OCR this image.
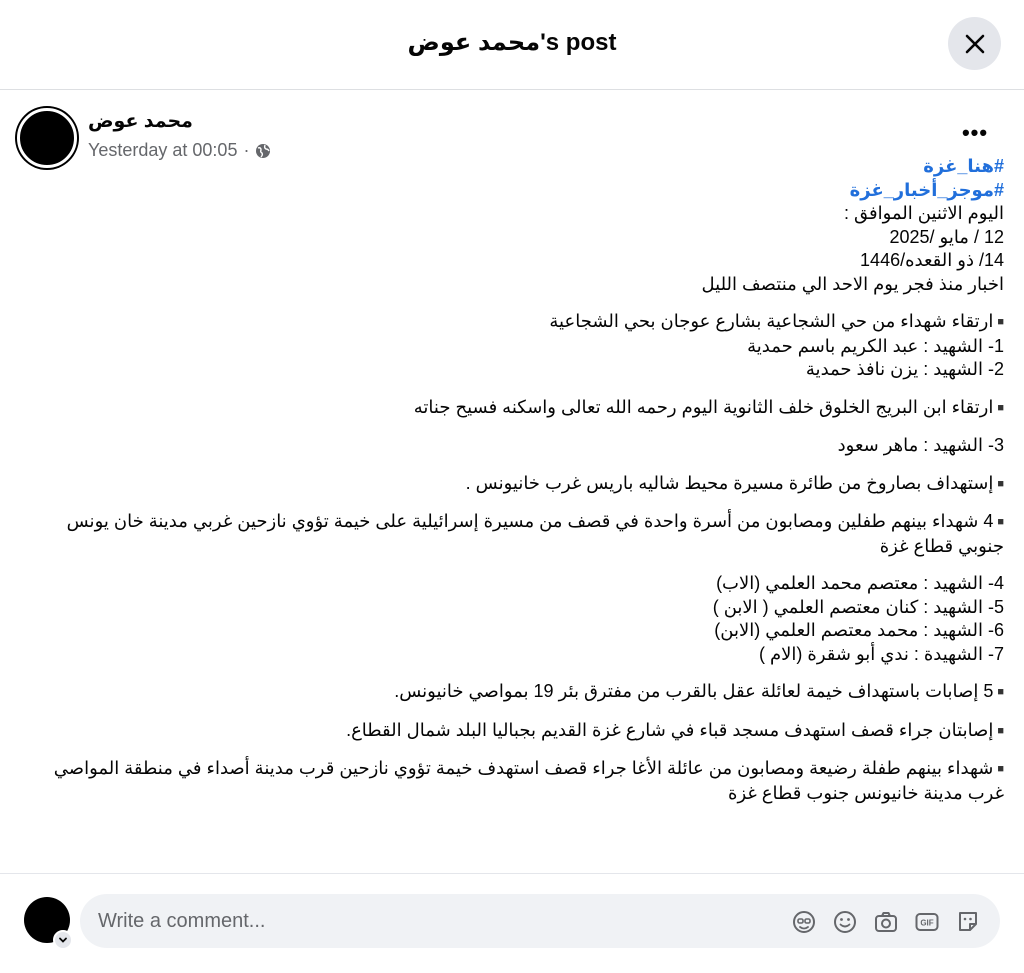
محمد عوض's post
محمد عوض
Yesterday at 00:05 ·
•••
#هنا_غزة
#موجز_أخبار_غزة
اليوم الاثنين الموافق :
12 / مايو /2025
14/ ذو القعده/1446
اخبار منذ فجر يوم الاحد الي منتصف الليل
■ارتقاء شهداء من حي الشجاعية بشارع عوجان بحي الشجاعية
1- الشهيد : عبد الكريم باسم حمدية
2- الشهيد : يزن نافذ حمدية
■ارتقاء ابن البريج الخلوق خلف الثانوية اليوم رحمه الله تعالى واسكنه فسيح جناته
3- الشهيد : ماهر سعود
■إستهداف بصاروخ من طائرة مسيرة محيط شاليه باريس غرب خانيونس .
■4 شهداء بينهم طفلين ومصابون من أسرة واحدة في قصف من مسيرة إسرائيلية على خيمة تؤوي نازحين غربي مدينة خان يونس جنوبي قطاع غزة
4- الشهيد : معتصم محمد العلمي (الاب)
5- الشهيد : كنان معتصم العلمي ( الابن )
6- الشهيد : محمد معتصم العلمي (الابن)
7- الشهيدة : ندي أبو شقرة (الام )
■5 إصابات باستهداف خيمة لعائلة عقل بالقرب من مفترق بئر 19 بمواصي خانيونس.
■إصابتان جراء قصف استهدف مسجد قباء في شارع غزة القديم بجباليا البلد شمال القطاع.
■شهداء بينهم طفلة رضيعة ومصابون من عائلة الأغا جراء قصف استهدف خيمة تؤوي نازحين قرب مدينة أصداء في منطقة المواصي غرب مدينة خانيونس جنوب قطاع غزة
Write a comment...
GIF
